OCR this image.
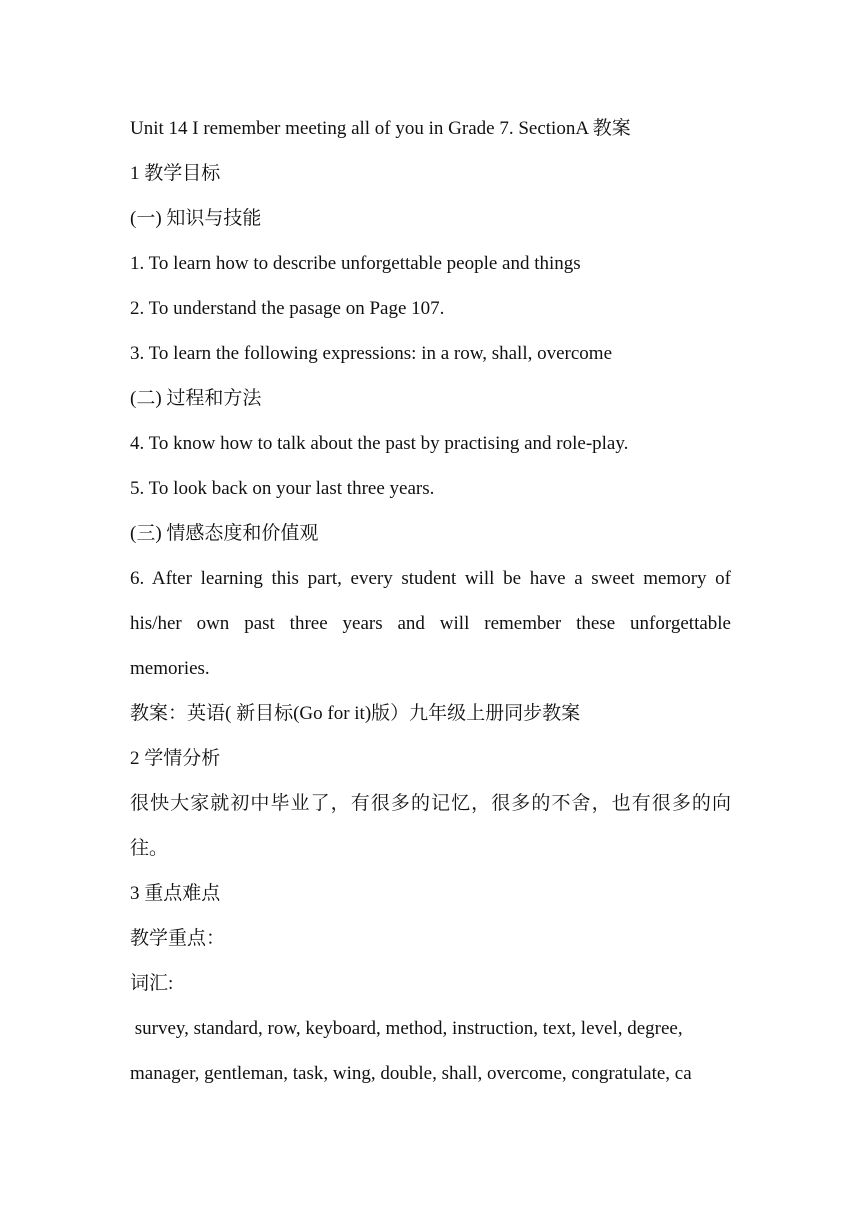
Unit 14 I remember meeting all of you in Grade 7. SectionA 教案
1 教学目标
(一) 知识与技能
1. To learn how to describe unforgettable people and things
2. To understand the pasage on Page 107.
3. To learn the following expressions: in a row, shall, overcome
(二) 过程和方法
4. To know how to talk about the past by practising and role-play.
5. To look back on your last three years.
(三) 情感态度和价值观
6. After learning this part, every student will be have a sweet memory of
his/her own past three years and will remember these unforgettable
memories.
教案：英语( 新目标(Go for it)版）九年级上册同步教案
2 学情分析
很快大家就初中毕业了，有很多的记忆，很多的不舍，也有很多的向
往。
3 重点难点
教学重点：
词汇:
survey, standard, row, keyboard, method, instruction, text, level, degree,
manager, gentleman, task, wing, double, shall, overcome, congratulate, ca
